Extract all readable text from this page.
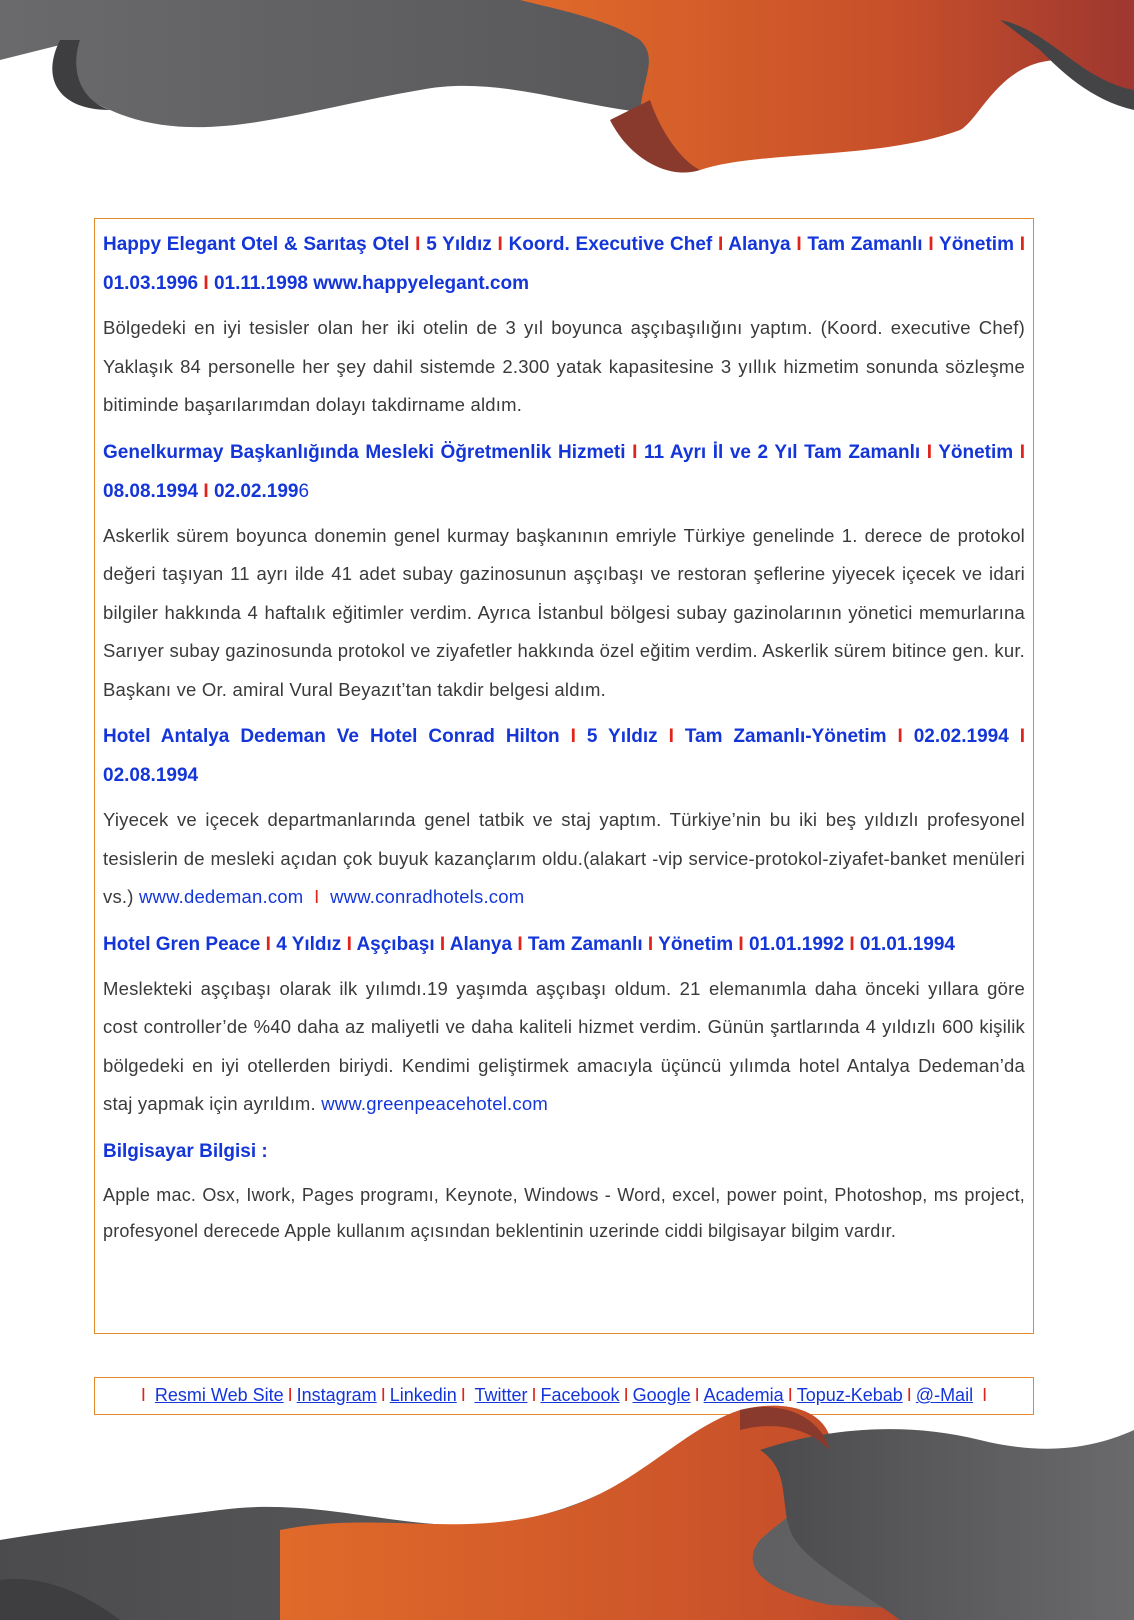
Happy Elegant Otel & Sarıtaş Otel I 5 Yıldız I Koord. Executive Chef I Alanya I Tam Zamanlı I Yönetim I 01.03.1996 I 01.11.1998 www.happyelegant.com

Bölgedeki en iyi tesisler olan her iki otelin de 3 yıl boyunca aşçıbaşılığını yaptım. (Koord. executive Chef) Yaklaşık 84 personelle her şey dahil sistemde 2.300 yatak kapasitesine 3 yıllık hizmetim sonunda sözleşme bitiminde başarılarımdan dolayı takdirname aldım.

Genelkurmay Başkanlığında Mesleki Öğretmenlik Hizmeti I 11 Ayrı İl ve 2 Yıl Tam Zamanlı I Yönetim I 08.08.1994 I 02.02.1996

Askerlik sürem boyunca donemin genel kurmay başkanının emriyle Türkiye genelinde 1. derece de protokol değeri taşıyan 11 ayrı ilde 41 adet subay gazinosunun aşçıbaşı ve restoran şeflerine yiyecek içecek ve idari bilgiler hakkında 4 haftalık eğitimler verdim. Ayrıca İstanbul bölgesi subay gazinolarının yönetici memurlarına Sarıyer subay gazinosunda protokol ve ziyafetler hakkında özel eğitim verdim. Askerlik sürem bitince gen. kur. Başkanı ve Or. amiral Vural Beyazıt’tan takdir belgesi aldım.

Hotel Antalya Dedeman Ve Hotel Conrad Hilton I 5 Yıldız I Tam Zamanlı-Yönetim I 02.02.1994 I 02.08.1994

Yiyecek ve içecek departmanlarında genel tatbik ve staj yaptım. Türkiye’nin bu iki beş yıldızlı profesyonel tesislerin de mesleki açıdan çok buyuk kazançlarım oldu.(alakart -vip service-protokol-ziyafet-banket menüleri vs.) www.dedeman.com I www.conradhotels.com

Hotel Gren Peace I 4 Yıldız I Aşçıbaşı I Alanya I Tam Zamanlı I Yönetim I 01.01.1992 I 01.01.1994

Meslekteki aşçıbaşı olarak ilk yılımdı.19 yaşımda aşçıbaşı oldum. 21 elemanımla daha önceki yıllara göre cost controller’de %40 daha az maliyetli ve daha kaliteli hizmet verdim. Günün şartlarında 4 yıldızlı 600 kişilik bölgedeki en iyi otellerden biriydi. Kendimi geliştirmek amacıyla üçüncü yılımda hotel Antalya Dedeman’da staj yapmak için ayrıldım. www.greenpeacehotel.com

Bilgisayar Bilgisi :

Apple mac. Osx, Iwork, Pages programı, Keynote, Windows - Word, excel, power point, Photoshop, ms project, profesyonel derecede Apple kullanım açısından beklentinin uzerinde ciddi bilgisayar bilgim vardır.

I Resmi Web Site I Instagram I Linkedin I Twitter I Facebook I Google I Academia I Topuz-Kebab I @-Mail I
